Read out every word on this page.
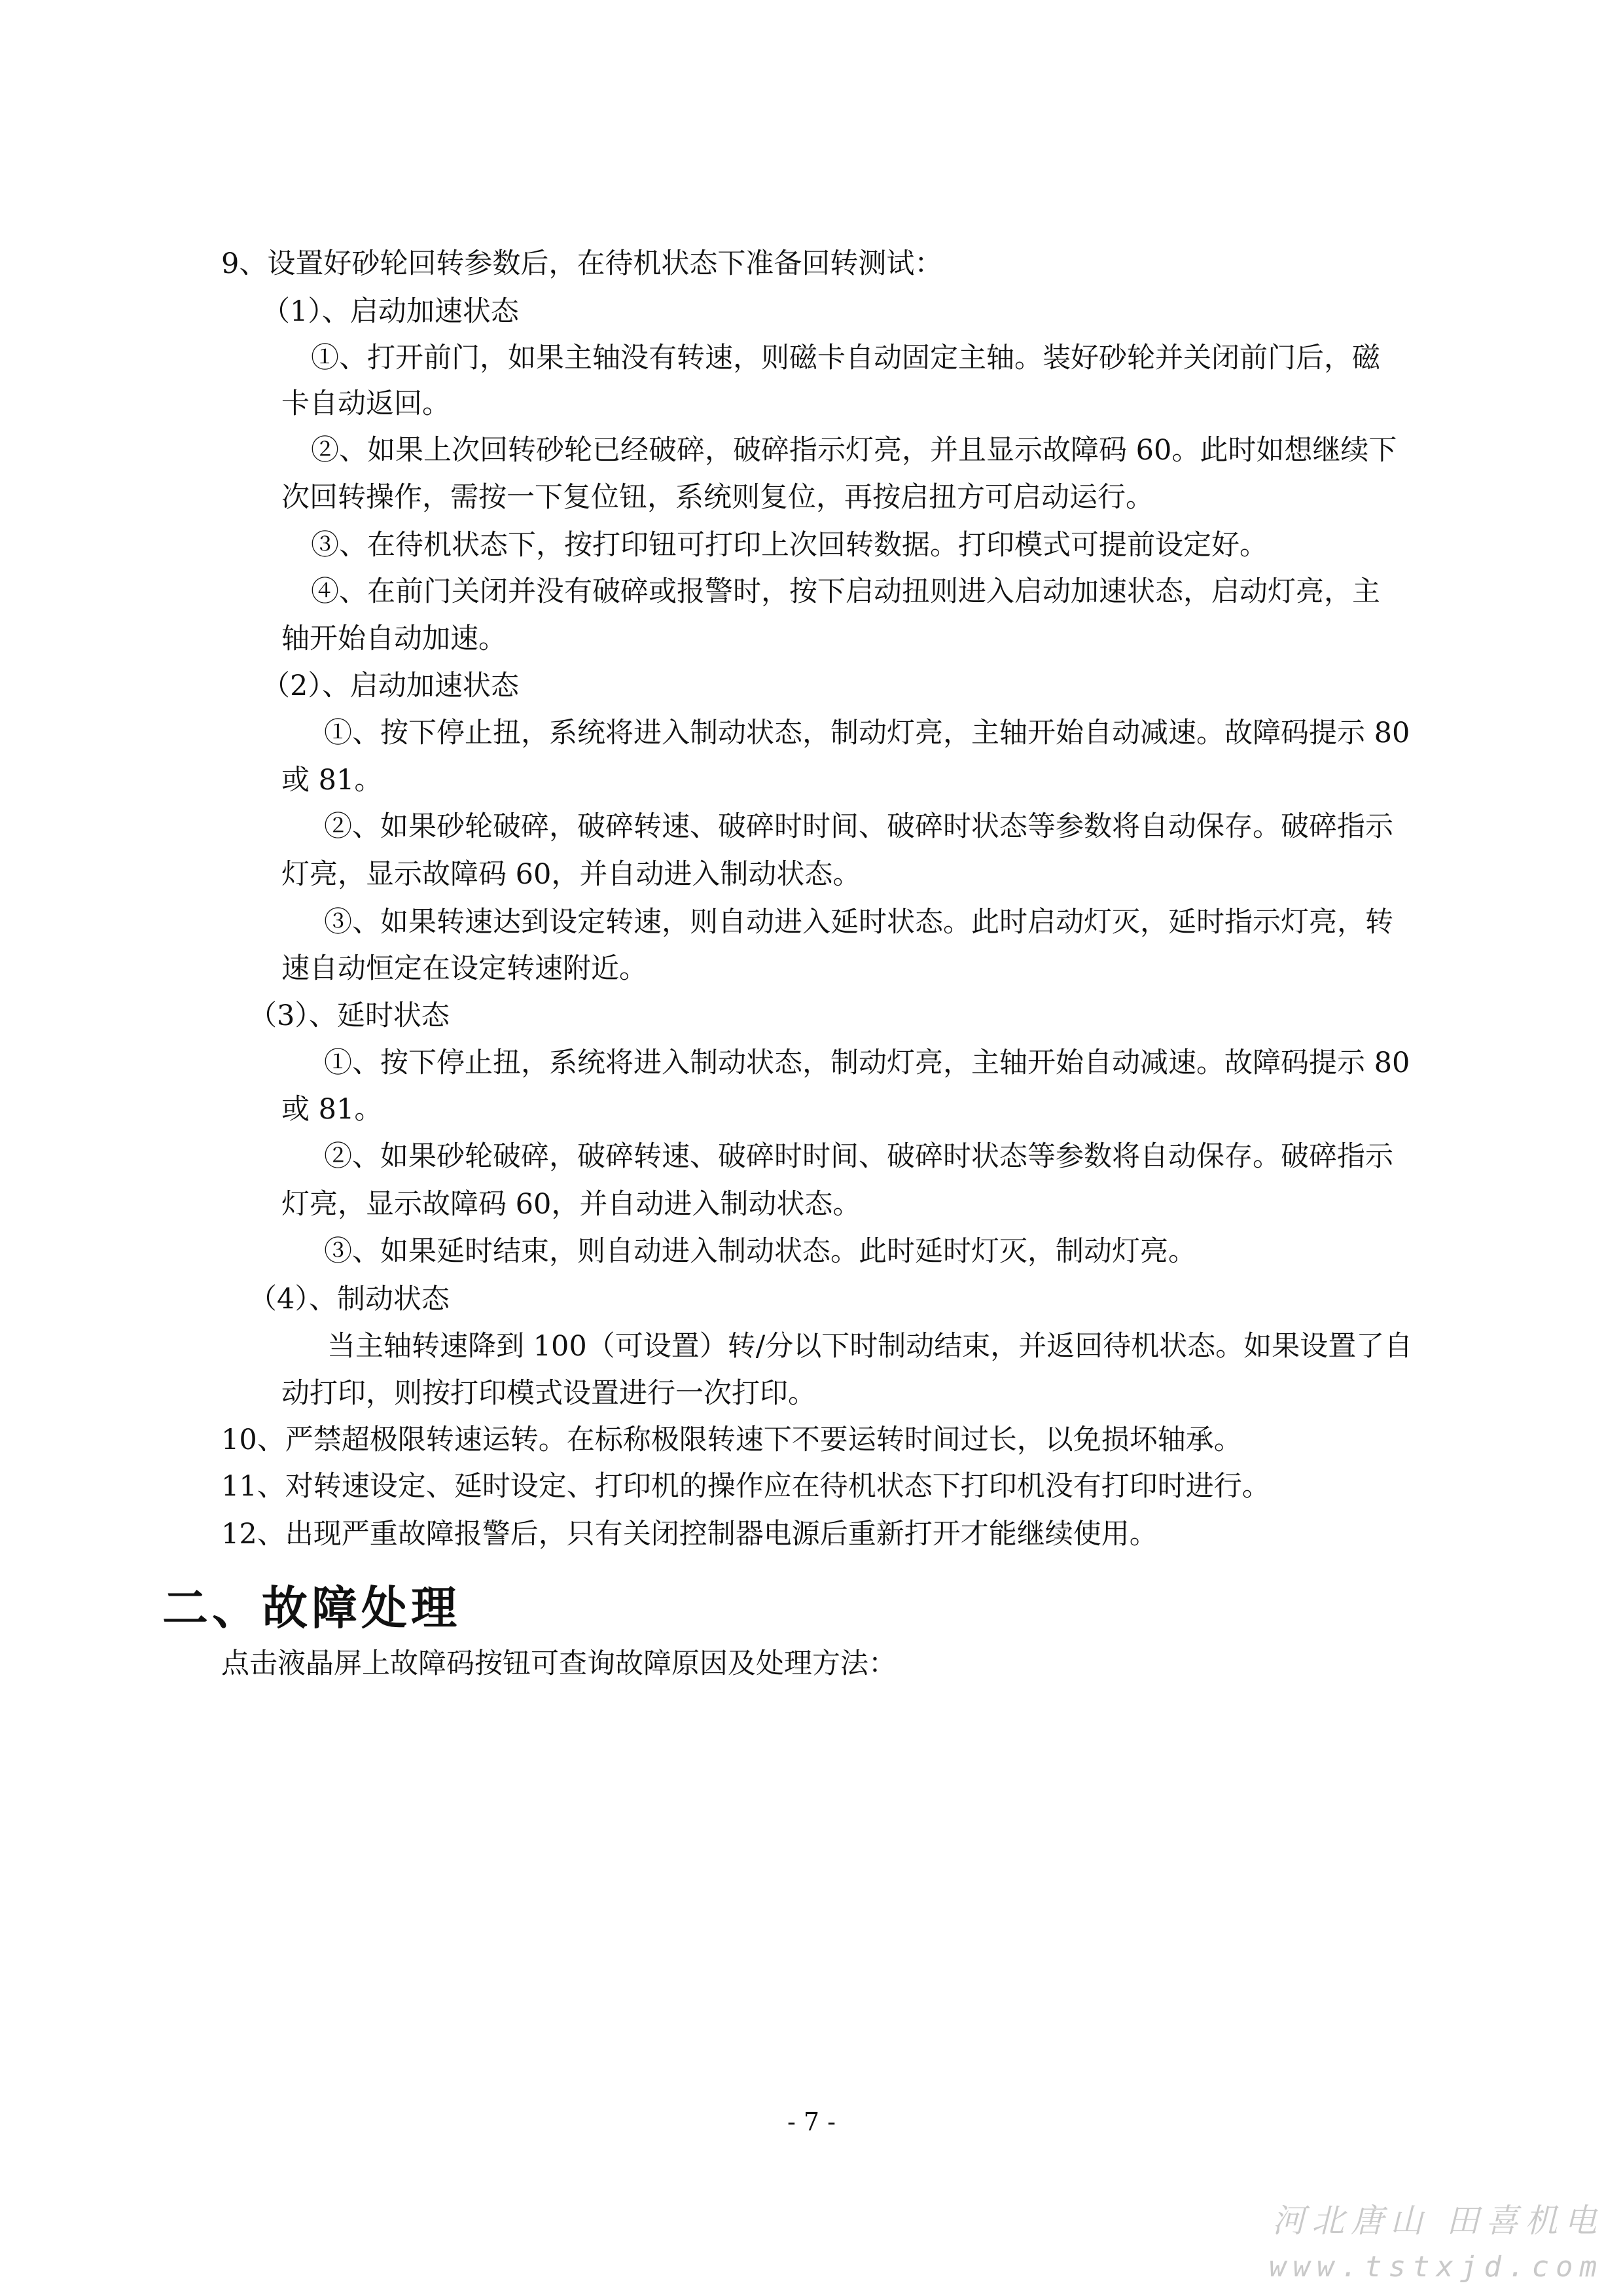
9、设置好砂轮回转参数后，在待机状态下准备回转测试：
（1）、启动加速状态
①、打开前门，如果主轴没有转速，则磁卡自动固定主轴。装好砂轮并关闭前门后，磁
卡自动返回。
②、如果上次回转砂轮已经破碎，破碎指示灯亮，并且显示故障码 60。此时如想继续下
次回转操作，需按一下复位钮，系统则复位，再按启扭方可启动运行。
③、在待机状态下，按打印钮可打印上次回转数据。打印模式可提前设定好。
④、在前门关闭并没有破碎或报警时，按下启动扭则进入启动加速状态，启动灯亮，主
轴开始自动加速。
（2）、启动加速状态
①、按下停止扭，系统将进入制动状态，制动灯亮，主轴开始自动减速。故障码提示 80
或 81。
②、如果砂轮破碎，破碎转速、破碎时时间、破碎时状态等参数将自动保存。破碎指示
灯亮，显示故障码 60，并自动进入制动状态。
③、如果转速达到设定转速，则自动进入延时状态。此时启动灯灭，延时指示灯亮，转
速自动恒定在设定转速附近。
（3）、延时状态
①、按下停止扭，系统将进入制动状态，制动灯亮，主轴开始自动减速。故障码提示 80
或 81。
②、如果砂轮破碎，破碎转速、破碎时时间、破碎时状态等参数将自动保存。破碎指示
灯亮，显示故障码 60，并自动进入制动状态。
③、如果延时结束，则自动进入制动状态。此时延时灯灭，制动灯亮。
（4）、制动状态
当主轴转速降到 100（可设置）转/分以下时制动结束，并返回待机状态。如果设置了自
动打印，则按打印模式设置进行一次打印。
10、严禁超极限转速运转。在标称极限转速下不要运转时间过长，以免损坏轴承。
11、对转速设定、延时设定、打印机的操作应在待机状态下打印机没有打印时进行。
12、出现严重故障报警后，只有关闭控制器电源后重新打开才能继续使用。
二、故障处理
点击液晶屏上故障码按钮可查询故障原因及处理方法：
- 7 -
河北唐山 田喜机电
www.tstxjd.com
